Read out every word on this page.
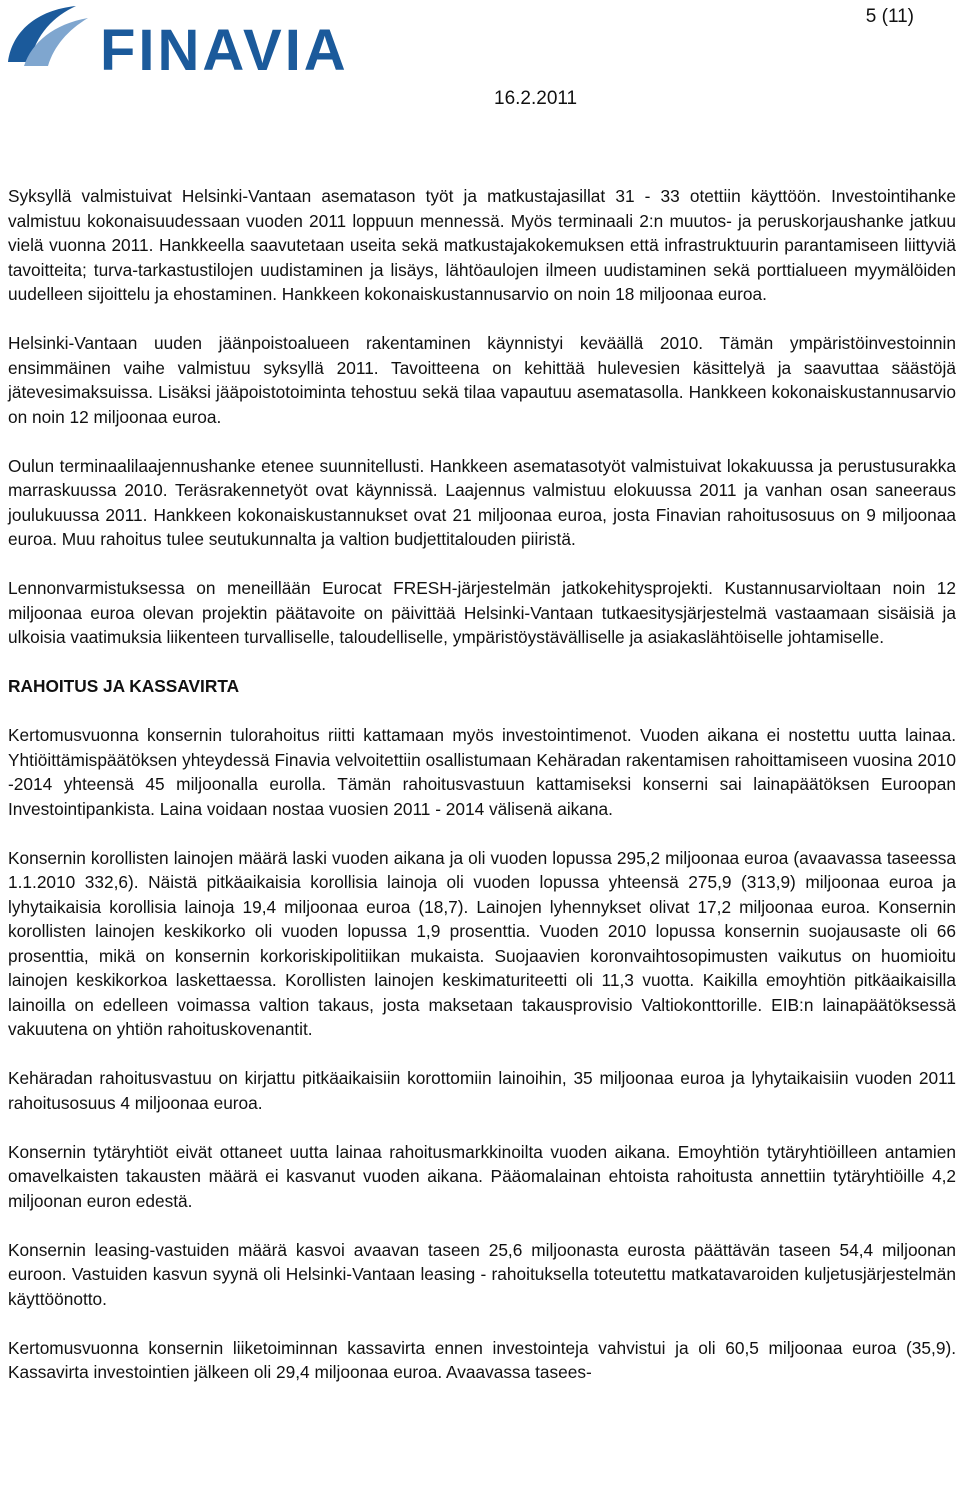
FINAVIA
5 (11)
16.2.2011

Syksyllä valmistuivat Helsinki-Vantaan asematason työt ja matkustajasillat 31 - 33 otettiin käyttöön. Investointihanke valmistuu kokonaisuudessaan vuoden 2011 loppuun mennessä. Myös terminaali 2:n muutos- ja peruskorjaushanke jatkuu vielä vuonna 2011. Hankkeella saavutetaan useita sekä matkustajakokemuksen että infrastruktuurin parantamiseen liittyviä tavoitteita; turva-tarkastustilojen uudistaminen ja lisäys, lähtöaulojen ilmeen uudistaminen sekä porttialueen myymälöiden uudelleen sijoittelu ja ehostaminen. Hankkeen kokonaiskustannusarvio on noin 18 miljoonaa euroa.

Helsinki-Vantaan uuden jäänpoistoalueen rakentaminen käynnistyi keväällä 2010. Tämän ympäristöinvestoinnin ensimmäinen vaihe valmistuu syksyllä 2011. Tavoitteena on kehittää hulevesien käsittelyä ja saavuttaa säästöjä jätevesimaksuissa. Lisäksi jääpoistotoiminta tehostuu sekä tilaa vapautuu asematasolla. Hankkeen kokonaiskustannusarvio on noin 12 miljoonaa euroa.

Oulun terminaalilaajennushanke etenee suunnitellusti. Hankkeen asematasotyöt valmistuivat lokakuussa ja perustusurakka marraskuussa 2010. Teräsrakennetyöt ovat käynnissä. Laajennus valmistuu elokuussa 2011 ja vanhan osan saneeraus joulukuussa 2011. Hankkeen kokonaiskustannukset ovat 21 miljoonaa euroa, josta Finavian rahoitusosuus on 9 miljoonaa euroa. Muu rahoitus tulee seutukunnalta ja valtion budjettitalouden piiristä.

Lennonvarmistuksessa on meneillään Eurocat FRESH-järjestelmän jatkokehitysprojekti. Kustannusarvioltaan noin 12 miljoonaa euroa olevan projektin päätavoite on päivittää Helsinki-Vantaan tutkaesitysjärjestelmä vastaamaan sisäisiä ja ulkoisia vaatimuksia liikenteen turvalliselle, taloudelliselle, ympäristöystävälliselle ja asiakaslähtöiselle johtamiselle.

RAHOITUS JA KASSAVIRTA

Kertomusvuonna konsernin tulorahoitus riitti kattamaan myös investointimenot. Vuoden aikana ei nostettu uutta lainaa. Yhtiöittämispäätöksen yhteydessä Finavia velvoitettiin osallistumaan Kehäradan rakentamisen rahoittamiseen vuosina 2010 -2014 yhteensä 45 miljoonalla eurolla. Tämän rahoitusvastuun kattamiseksi konserni sai lainapäätöksen Euroopan Investointipankista. Laina voidaan nostaa vuosien 2011 - 2014 välisenä aikana.

Konsernin korollisten lainojen määrä laski vuoden aikana ja oli vuoden lopussa 295,2 miljoonaa euroa (avaavassa taseessa 1.1.2010 332,6). Näistä pitkäaikaisia korollisia lainoja oli vuoden lopussa yhteensä 275,9 (313,9) miljoonaa euroa ja lyhytaikaisia korollisia lainoja 19,4 miljoonaa euroa (18,7). Lainojen lyhennykset olivat 17,2 miljoonaa euroa. Konsernin korollisten lainojen keskikorko oli vuoden lopussa 1,9 prosenttia. Vuoden 2010 lopussa konsernin suojausaste oli 66 prosenttia, mikä on konsernin korkoriskipolitiikan mukaista. Suojaavien koronvaihtosopimusten vaikutus on huomioitu lainojen keskikorkoa laskettaessa. Korollisten lainojen keskimaturiteetti oli 11,3 vuotta. Kaikilla emoyhtiön pitkäaikaisilla lainoilla on edelleen voimassa valtion takaus, josta maksetaan takausprovisio Valtiokonttorille. EIB:n lainapäätöksessä vakuutena on yhtiön rahoituskovenantit.

Kehäradan rahoitusvastuu on kirjattu pitkäaikaisiin korottomiin lainoihin, 35 miljoonaa euroa ja lyhytaikaisiin vuoden 2011 rahoitusosuus 4 miljoonaa euroa.

Konsernin tytäryhtiöt eivät ottaneet uutta lainaa rahoitusmarkkinoilta vuoden aikana. Emoyhtiön tytäryhtiöilleen antamien omavelkaisten takausten määrä ei kasvanut vuoden aikana. Pääomalainan ehtoista rahoitusta annettiin tytäryhtiöille 4,2 miljoonan euron edestä.

Konsernin leasing-vastuiden määrä kasvoi avaavan taseen 25,6 miljoonasta eurosta päättävän taseen 54,4 miljoonan euroon. Vastuiden kasvun syynä oli Helsinki-Vantaan leasing - rahoituksella toteutettu matkatavaroiden kuljetusjärjestelmän käyttöönotto.

Kertomusvuonna konsernin liiketoiminnan kassavirta ennen investointeja vahvistui ja oli 60,5 miljoonaa euroa (35,9). Kassavirta investointien jälkeen oli 29,4 miljoonaa euroa. Avaavassa tasees-
